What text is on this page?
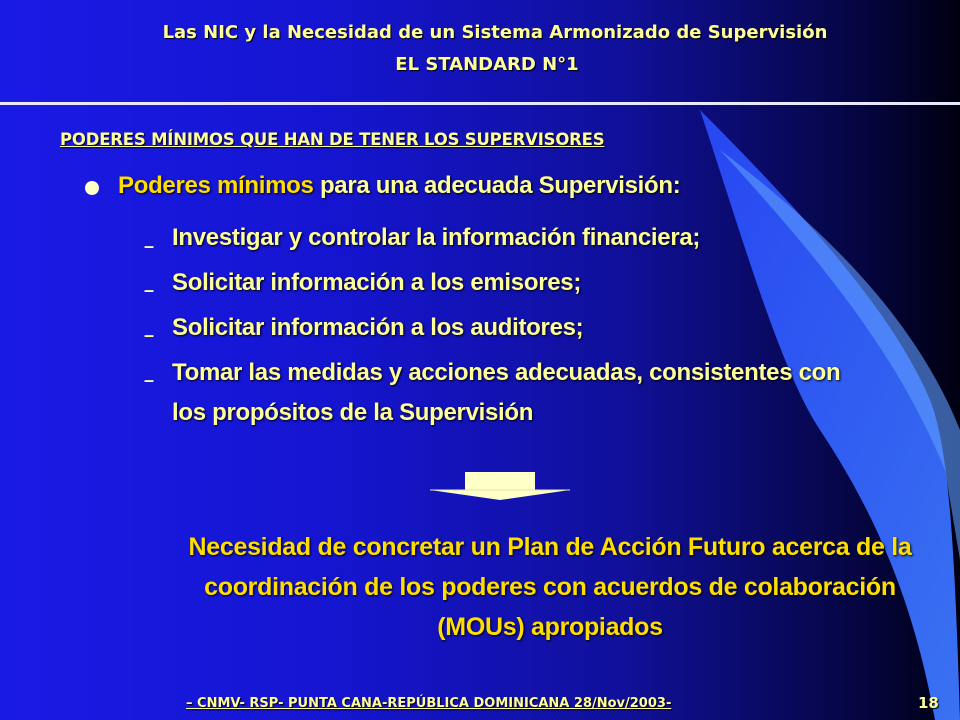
Las NIC y la Necesidad de un Sistema Armonizado de Supervisión
EL STANDARD N°1
PODERES MÍNIMOS QUE HAN DE TENER LOS SUPERVISORES
Poderes mínimos para una adecuada Supervisión:
– Investigar y controlar la información financiera;
– Solicitar información a los emisores;
– Solicitar información a los auditores;
– Tomar las medidas y acciones adecuadas, consistentes con
los propósitos de la Supervisión
Necesidad de concretar un Plan de Acción Futuro acerca de la
coordinación de los poderes con acuerdos de colaboración
(MOUs) apropiados
– CNMV- RSP- PUNTA CANA-REPÚBLICA DOMINICANA 28/Nov/2003-	18
